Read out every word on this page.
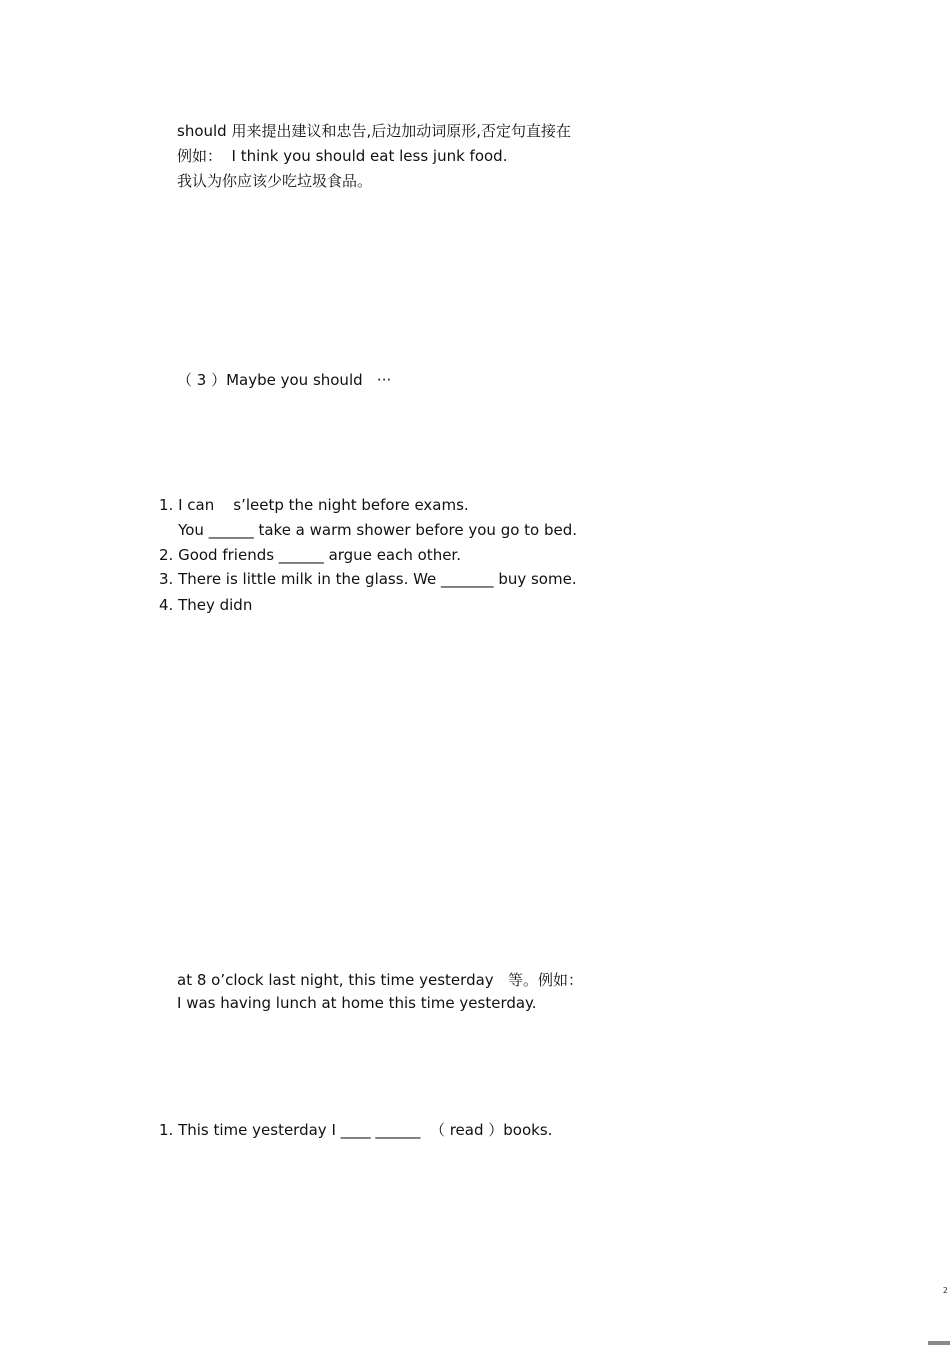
should 用来提出建议和忠告,后边加动词原形,否定句直接在
例如：  I think you should eat less junk food.
我认为你应该少吃垃圾食品。
（ 3 ）Maybe you should   ···
1. I can    s’leetp the night before exams.
You ______ take a warm shower before you go to bed.
2. Good friends ______ argue each other.
3. There is little milk in the glass. We _______ buy some.
4. They didn
at 8 o’clock last night, this time yesterday   等。例如：
I was having lunch at home this time yesterday.
1. This time yesterday I ____ ______  （ read ）books.
2
